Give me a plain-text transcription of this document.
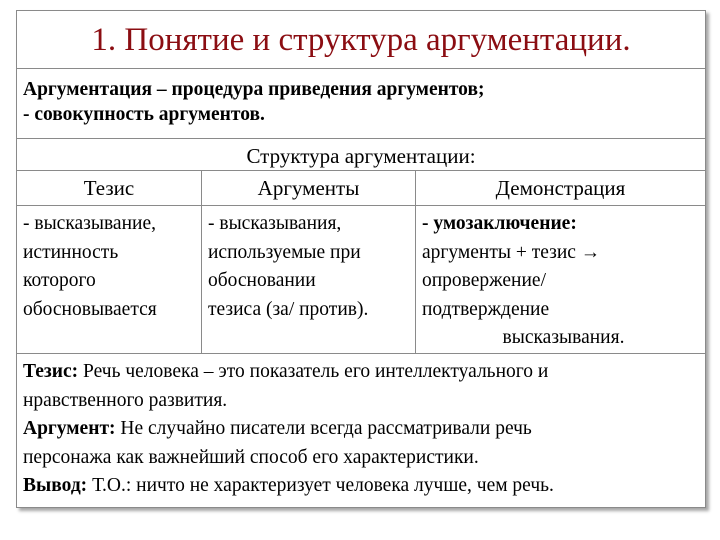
1. Понятие и структура аргументации.
Аргументация – процедура приведения аргументов;
- совокупность аргументов.
Структура аргументации:
Тезис	Аргументы	Демонстрация
- высказывание,
истинность
которого
обосновывается
- высказывания,
используемые при
обосновании
тезиса (за/ против).
- умозаключение:
аргументы + тезис →
опровержение/
подтверждение
высказывания.
Тезис: Речь человека – это показатель его интеллектуального и
нравственного развития.
Аргумент: Не случайно писатели всегда рассматривали речь
персонажа как важнейший способ его характеристики.
Вывод: Т.О.: ничто не характеризует человека лучше, чем речь.
